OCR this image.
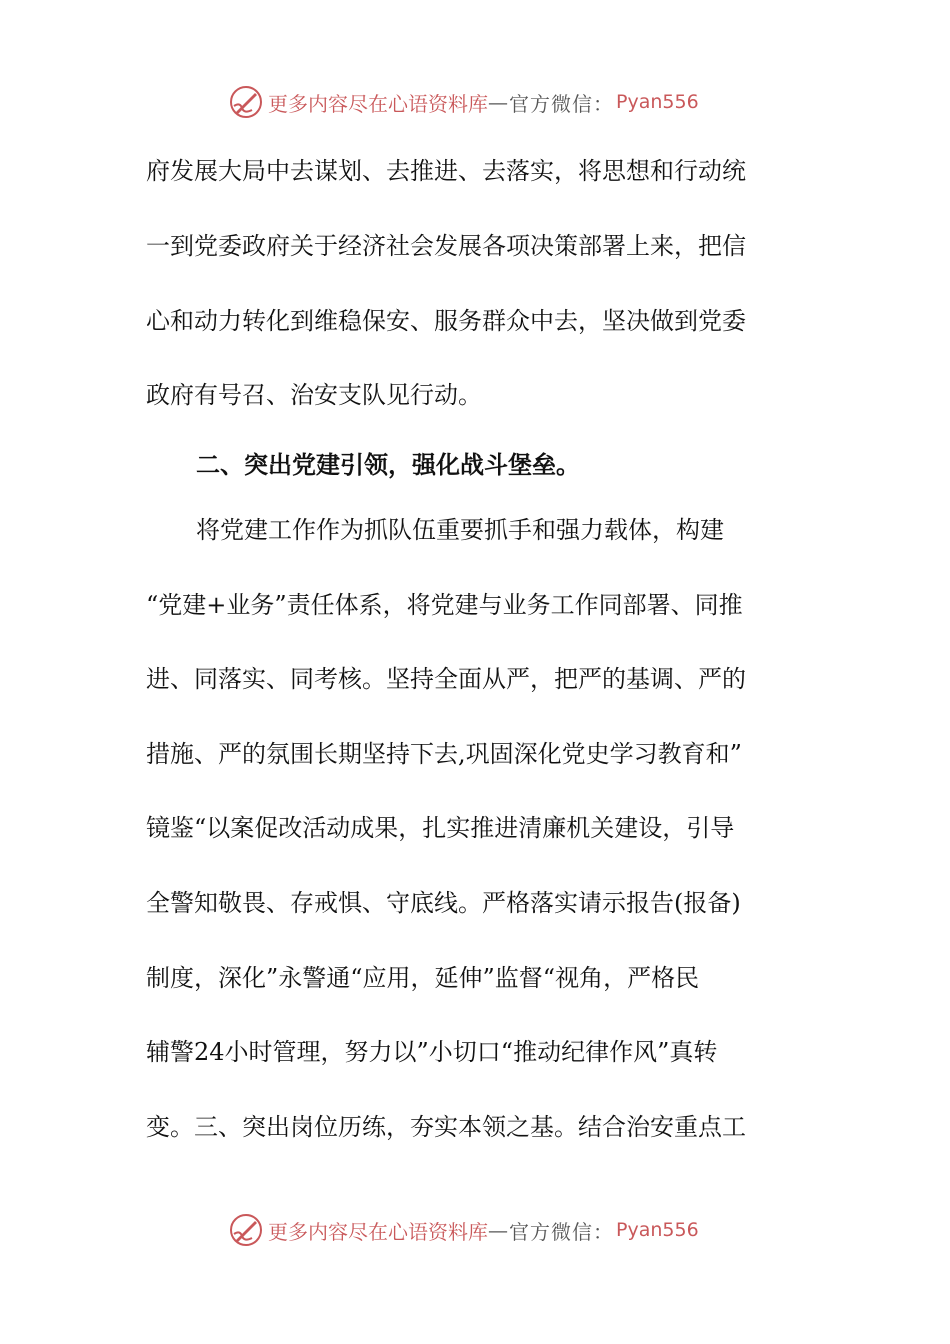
更多内容尽在心语资料库 — 官方微信： Pyan556
府发展大局中去谋划、去推进、去落实，将思想和行动统
一到党委政府关于经济社会发展各项决策部署上来，把信
心和动力转化到维稳保安、服务群众中去，坚决做到党委
政府有号召、治安支队见行动。
二、突出党建引领，强化战斗堡垒。
将党建工作作为抓队伍重要抓手和强力载体，构建
“党建+业务”责任体系，将党建与业务工作同部署、同推
进、同落实、同考核。坚持全面从严，把严的基调、严的
措施、严的氛围长期坚持下去,巩固深化党史学习教育和”
镜鉴“以案促改活动成果，扎实推进清廉机关建设，引导
全警知敬畏、存戒惧、守底线。严格落实请示报告(报备)
制度，深化”永警通“应用，延伸”监督“视角，严格民
辅警24小时管理，努力以”小切口“推动纪律作风”真转
变。三、突出岗位历练，夯实本领之基。结合治安重点工
更多内容尽在心语资料库 — 官方微信： Pyan556
